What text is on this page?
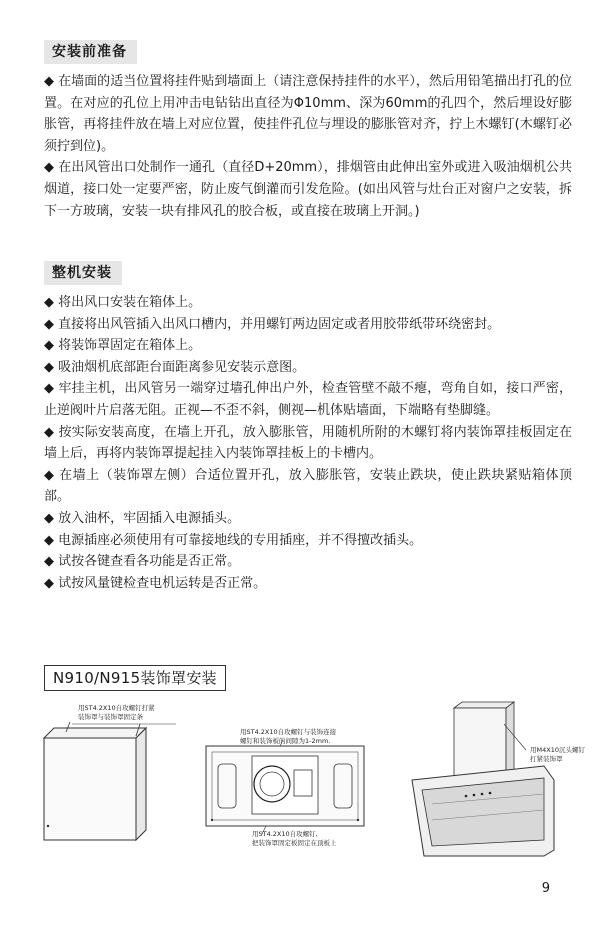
安装前准备

◆ 在墙面的适当位置将挂件贴到墙面上（请注意保持挂件的水平），然后用铅笔描出打孔的位置。在对应的孔位上用冲击电钻钻出直径为Φ10mm、深为60mm的孔四个，然后埋设好膨胀管，再将挂件放在墙上对应位置，使挂件孔位与埋设的膨胀管对齐，拧上木螺钉(木螺钉必须拧到位)。

◆ 在出风管出口处制作一通孔（直径D+20mm），排烟管由此伸出室外或进入吸油烟机公共烟道，接口处一定要严密，防止废气倒灌而引发危险。(如出风管与灶台正对窗户之安装，拆下一方玻璃，安装一块有排风孔的胶合板，或直接在玻璃上开洞。)

整机安装

◆ 将出风口安装在箱体上。

◆ 直接将出风管插入出风口槽内，并用螺钉两边固定或者用胶带纸带环绕密封。

◆ 将装饰罩固定在箱体上。

◆ 吸油烟机底部距台面距离参见安装示意图。

◆ 牢挂主机，出风管另一端穿过墙孔伸出户外，检查管壁不敲不瘪，弯角自如，接口严密，止逆阀叶片启落无阻。正视—不歪不斜，侧视—机体贴墙面，下端略有垫脚缝。

◆ 按实际安装高度，在墙上开孔，放入膨胀管，用随机所附的木螺钉将内装饰罩挂板固定在墙上后，再将内装饰罩提起挂入内装饰罩挂板上的卡槽内。

◆ 在墙上（装饰罩左侧）合适位置开孔，放入膨胀管，安装止跌块，使止跌块紧贴箱体顶部。

◆ 放入油杯，牢固插入电源插头。

◆ 电源插座必须使用有可靠接地线的专用插座，并不得擅改插头。

◆ 试按各键查看各功能是否正常。

◆ 试按风量键检查电机运转是否正常。

N910/N915装饰罩安装
用ST4.2X10自攻螺钉打紧
装饰罩与装饰罩固定条
用ST4.2X10自攻螺钉与装饰连接
螺钉和装饰板的间隙为1-2mm.
用ST4.2X10自攻螺钉,
把装饰罩固定板固定在顶板上
用M4X10沉头螺钉
打紧装饰罩
9
